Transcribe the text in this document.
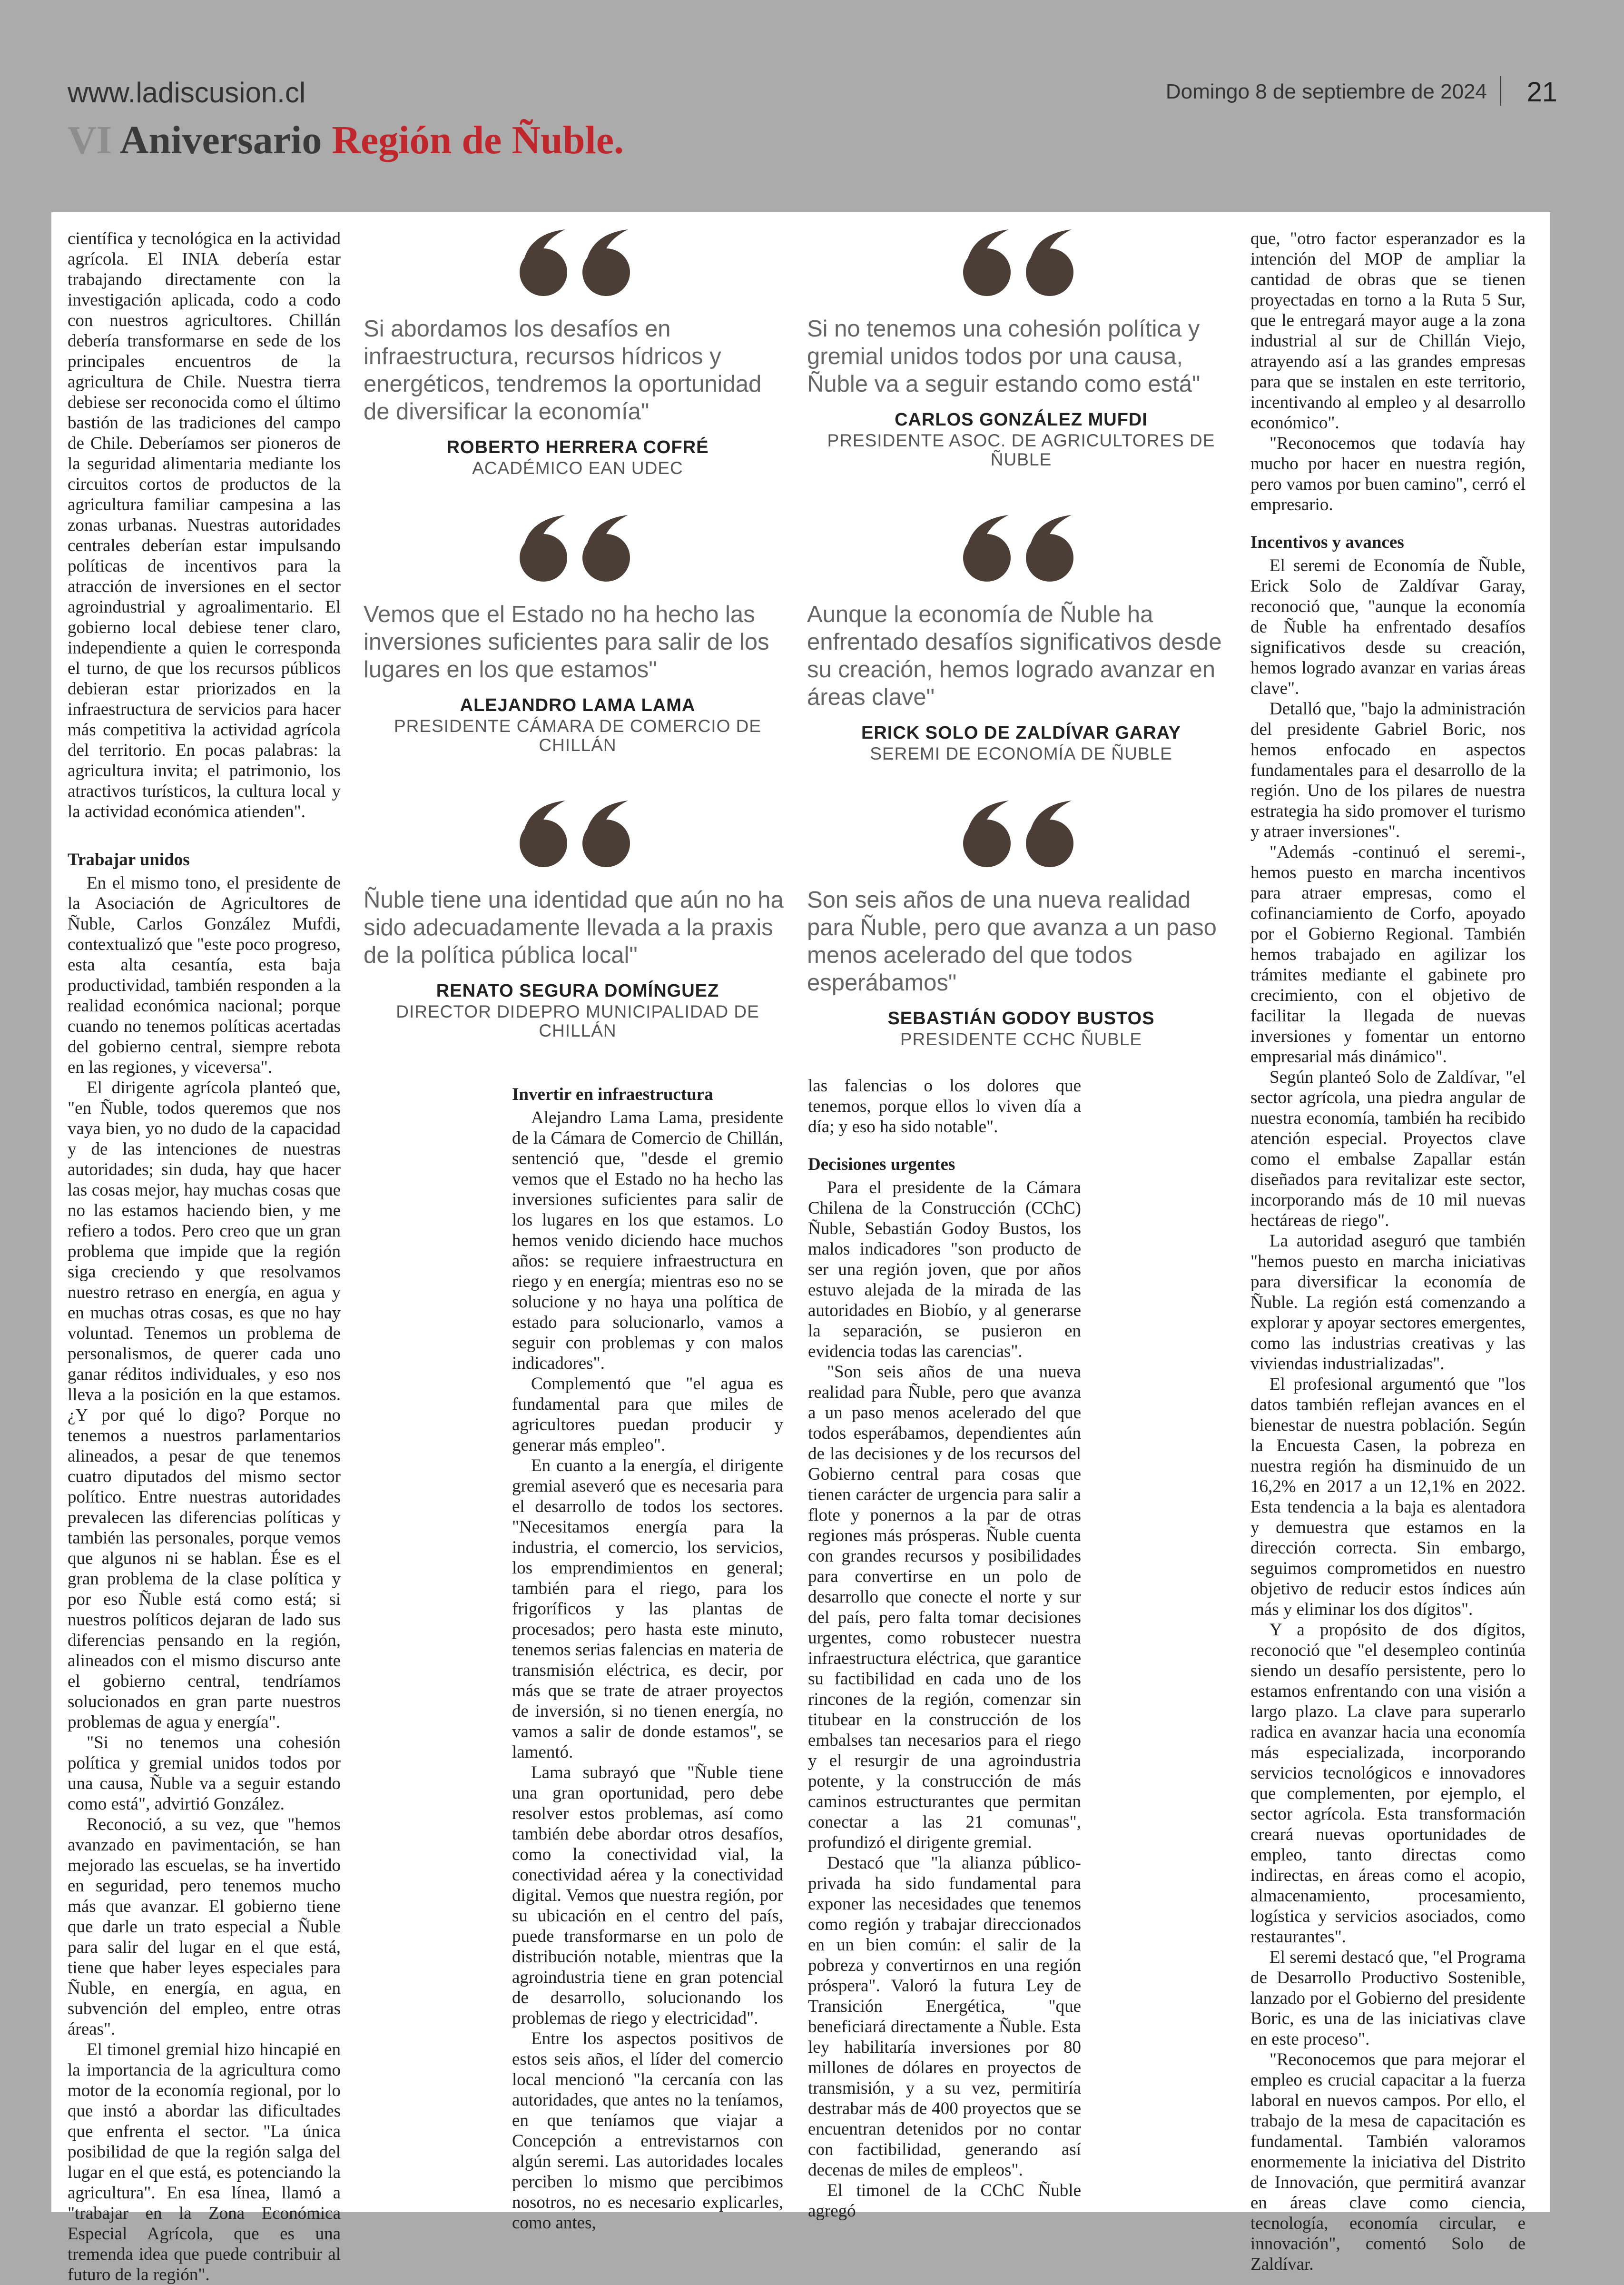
www.ladiscusion.cl	Domingo 8 de septiembre de 2024 21
VI Aniversario Región de Ñuble.

científica y tecnológica en la actividad agrícola. El INIA debería estar trabajando directamente con la investigación aplicada, codo a codo con nuestros agricultores. Chillán debería transformarse en sede de los principales encuentros de la agricultura de Chile. Nuestra tierra debiese ser reconocida como el último bastión de las tradiciones del campo de Chile. Deberíamos ser pioneros de la seguridad alimentaria mediante los circuitos cortos de productos de la agricultura familiar campesina a las zonas urbanas. Nuestras autoridades centrales deberían estar impulsando políticas de incentivos para la atracción de inversiones en el sector agroindustrial y agroalimentario. El gobierno local debiese tener claro, independiente a quien le corresponda el turno, de que los recursos públicos debieran estar priorizados en la infraestructura de servicios para hacer más competitiva la actividad agrícola del territorio. En pocas palabras: la agricultura invita; el patrimonio, los atractivos turísticos, la cultura local y la actividad económica atienden".

Trabajar unidos

En el mismo tono, el presidente de la Asociación de Agricultores de Ñuble, Carlos González Mufdi, contextualizó que "este poco progreso, esta alta cesantía, esta baja productividad, también responden a la realidad económica nacional; porque cuando no tenemos políticas acertadas del gobierno central, siempre rebota en las regiones, y viceversa".

El dirigente agrícola planteó que, "en Ñuble, todos queremos que nos vaya bien, yo no dudo de la capacidad y de las intenciones de nuestras autoridades; sin duda, hay que hacer las cosas mejor, hay muchas cosas que no las estamos haciendo bien, y me refiero a todos. Pero creo que un gran problema que impide que la región siga creciendo y que resolvamos nuestro retraso en energía, en agua y en muchas otras cosas, es que no hay voluntad. Tenemos un problema de personalismos, de querer cada uno ganar réditos individuales, y eso nos lleva a la posición en la que estamos. ¿Y por qué lo digo? Porque no tenemos a nuestros parlamentarios alineados, a pesar de que tenemos cuatro diputados del mismo sector político. Entre nuestras autoridades prevalecen las diferencias políticas y también las personales, porque vemos que algunos ni se hablan. Ése es el gran problema de la clase política y por eso Ñuble está como está; si nuestros políticos dejaran de lado sus diferencias pensando en la región, alineados con el mismo discurso ante el gobierno central, tendríamos solucionados en gran parte nuestros problemas de agua y energía".

"Si no tenemos una cohesión política y gremial unidos todos por una causa, Ñuble va a seguir estando como está", advirtió González.

Reconoció, a su vez, que "hemos avanzado en pavimentación, se han mejorado las escuelas, se ha invertido en seguridad, pero tenemos mucho más que avanzar. El gobierno tiene que darle un trato especial a Ñuble para salir del lugar en el que está, tiene que haber leyes especiales para Ñuble, en energía, en agua, en subvención del empleo, entre otras áreas".

El timonel gremial hizo hincapié en la importancia de la agricultura como motor de la economía regional, por lo que instó a abordar las dificultades que enfrenta el sector. "La única posibilidad de que la región salga del lugar en el que está, es potenciando la agricultura". En esa línea, llamó a "trabajar en la Zona Económica Especial Agrícola, que es una tremenda idea que puede contribuir al futuro de la región".

Si abordamos los desafíos en infraestructura, recursos hídricos y energéticos, tendremos la oportunidad de diversificar la economía"
ROBERTO HERRERA COFRÉ
ACADÉMICO EAN UDEC
Si no tenemos una cohesión política y gremial unidos todos por una causa, Ñuble va a seguir estando como está"
CARLOS GONZÁLEZ MUFDI
PRESIDENTE ASOC. DE AGRICULTORES DE ÑUBLE
Vemos que el Estado no ha hecho las inversiones suficientes para salir de los lugares en los que estamos"
ALEJANDRO LAMA LAMA
PRESIDENTE CÁMARA DE COMERCIO DE CHILLÁN
Aunque la economía de Ñuble ha enfrentado desafíos significativos desde su creación, hemos logrado avanzar en áreas clave"
ERICK SOLO DE ZALDÍVAR GARAY
SEREMI DE ECONOMÍA DE ÑUBLE
Ñuble tiene una identidad que aún no ha sido adecuadamente llevada a la praxis de la política pública local"
RENATO SEGURA DOMÍNGUEZ
DIRECTOR DIDEPRO MUNICIPALIDAD DE CHILLÁN
Son seis años de una nueva realidad para Ñuble, pero que avanza a un paso menos acelerado del que todos esperábamos"
SEBASTIÁN GODOY BUSTOS
PRESIDENTE CCHC ÑUBLE
Invertir en infraestructura

Alejandro Lama Lama, presidente de la Cámara de Comercio de Chillán, sentenció que, "desde el gremio vemos que el Estado no ha hecho las inversiones suficientes para salir de los lugares en los que estamos. Lo hemos venido diciendo hace muchos años: se requiere infraestructura en riego y en energía; mientras eso no se solucione y no haya una política de estado para solucionarlo, vamos a seguir con problemas y con malos indicadores".

Complementó que "el agua es fundamental para que miles de agricultores puedan producir y generar más empleo".

En cuanto a la energía, el dirigente gremial aseveró que es necesaria para el desarrollo de todos los sectores. "Necesitamos energía para la industria, el comercio, los servicios, los emprendimientos en general; también para el riego, para los frigoríficos y las plantas de procesados; pero hasta este minuto, tenemos serias falencias en materia de transmisión eléctrica, es decir, por más que se trate de atraer proyectos de inversión, si no tienen energía, no vamos a salir de donde estamos", se lamentó.

Lama subrayó que "Ñuble tiene una gran oportunidad, pero debe resolver estos problemas, así como también debe abordar otros desafíos, como la conectividad vial, la conectividad aérea y la conectividad digital. Vemos que nuestra región, por su ubicación en el centro del país, puede transformarse en un polo de distribución notable, mientras que la agroindustria tiene en gran potencial de desarrollo, solucionando los problemas de riego y electricidad".

Entre los aspectos positivos de estos seis años, el líder del comercio local mencionó "la cercanía con las autoridades, que antes no la teníamos, en que teníamos que viajar a Concepción a entrevistarnos con algún seremi. Las autoridades locales perciben lo mismo que percibimos nosotros, no es necesario explicarles, como antes,

las falencias o los dolores que tenemos, porque ellos lo viven día a día; y eso ha sido notable".

Decisiones urgentes

Para el presidente de la Cámara Chilena de la Construcción (CChC) Ñuble, Sebastián Godoy Bustos, los malos indicadores "son producto de ser una región joven, que por años estuvo alejada de la mirada de las autoridades en Biobío, y al generarse la separación, se pusieron en evidencia todas las carencias".

"Son seis años de una nueva realidad para Ñuble, pero que avanza a un paso menos acelerado del que todos esperábamos, dependientes aún de las decisiones y de los recursos del Gobierno central para cosas que tienen carácter de urgencia para salir a flote y ponernos a la par de otras regiones más prósperas. Ñuble cuenta con grandes recursos y posibilidades para convertirse en un polo de desarrollo que conecte el norte y sur del país, pero falta tomar decisiones urgentes, como robustecer nuestra infraestructura eléctrica, que garantice su factibilidad en cada uno de los rincones de la región, comenzar sin titubear en la construcción de los embalses tan necesarios para el riego y el resurgir de una agroindustria potente, y la construcción de más caminos estructurantes que permitan conectar a las 21 comunas", profundizó el dirigente gremial.

Destacó que "la alianza público-privada ha sido fundamental para exponer las necesidades que tenemos como región y trabajar direccionados en un bien común: el salir de la pobreza y convertirnos en una región próspera". Valoró la futura Ley de Transición Energética, "que beneficiará directamente a Ñuble. Esta ley habilitaría inversiones por 80 millones de dólares en proyectos de transmisión, y a su vez, permitiría destrabar más de 400 proyectos que se encuentran detenidos por no contar con factibilidad, generando así decenas de miles de empleos".

El timonel de la CChC Ñuble agregó

que, "otro factor esperanzador es la intención del MOP de ampliar la cantidad de obras que se tienen proyectadas en torno a la Ruta 5 Sur, que le entregará mayor auge a la zona industrial al sur de Chillán Viejo, atrayendo así a las grandes empresas para que se instalen en este territorio, incentivando al empleo y al desarrollo económico".

"Reconocemos que todavía hay mucho por hacer en nuestra región, pero vamos por buen camino", cerró el empresario.

Incentivos y avances

El seremi de Economía de Ñuble, Erick Solo de Zaldívar Garay, reconoció que, "aunque la economía de Ñuble ha enfrentado desafíos significativos desde su creación, hemos logrado avanzar en varias áreas clave".

Detalló que, "bajo la administración del presidente Gabriel Boric, nos hemos enfocado en aspectos fundamentales para el desarrollo de la región. Uno de los pilares de nuestra estrategia ha sido promover el turismo y atraer inversiones".

"Además -continuó el seremi-, hemos puesto en marcha incentivos para atraer empresas, como el cofinanciamiento de Corfo, apoyado por el Gobierno Regional. También hemos trabajado en agilizar los trámites mediante el gabinete pro crecimiento, con el objetivo de facilitar la llegada de nuevas inversiones y fomentar un entorno empresarial más dinámico".

Según planteó Solo de Zaldívar, "el sector agrícola, una piedra angular de nuestra economía, también ha recibido atención especial. Proyectos clave como el embalse Zapallar están diseñados para revitalizar este sector, incorporando más de 10 mil nuevas hectáreas de riego".

La autoridad aseguró que también "hemos puesto en marcha iniciativas para diversificar la economía de Ñuble. La región está comenzando a explorar y apoyar sectores emergentes, como las industrias creativas y las viviendas industrializadas".

El profesional argumentó que "los datos también reflejan avances en el bienestar de nuestra población. Según la Encuesta Casen, la pobreza en nuestra región ha disminuido de un 16,2% en 2017 a un 12,1% en 2022. Esta tendencia a la baja es alentadora y demuestra que estamos en la dirección correcta. Sin embargo, seguimos comprometidos en nuestro objetivo de reducir estos índices aún más y eliminar los dos dígitos".

Y a propósito de dos dígitos, reconoció que "el desempleo continúa siendo un desafío persistente, pero lo estamos enfrentando con una visión a largo plazo. La clave para superarlo radica en avanzar hacia una economía más especializada, incorporando servicios tecnológicos e innovadores que complementen, por ejemplo, el sector agrícola. Esta transformación creará nuevas oportunidades de empleo, tanto directas como indirectas, en áreas como el acopio, almacenamiento, procesamiento, logística y servicios asociados, como restaurantes".

El seremi destacó que, "el Programa de Desarrollo Productivo Sostenible, lanzado por el Gobierno del presidente Boric, es una de las iniciativas clave en este proceso".

"Reconocemos que para mejorar el empleo es crucial capacitar a la fuerza laboral en nuevos campos. Por ello, el trabajo de la mesa de capacitación es fundamental. También valoramos enormemente la iniciativa del Distrito de Innovación, que permitirá avanzar en áreas clave como ciencia, tecnología, economía circular, e innovación", comentó Solo de Zaldívar.
